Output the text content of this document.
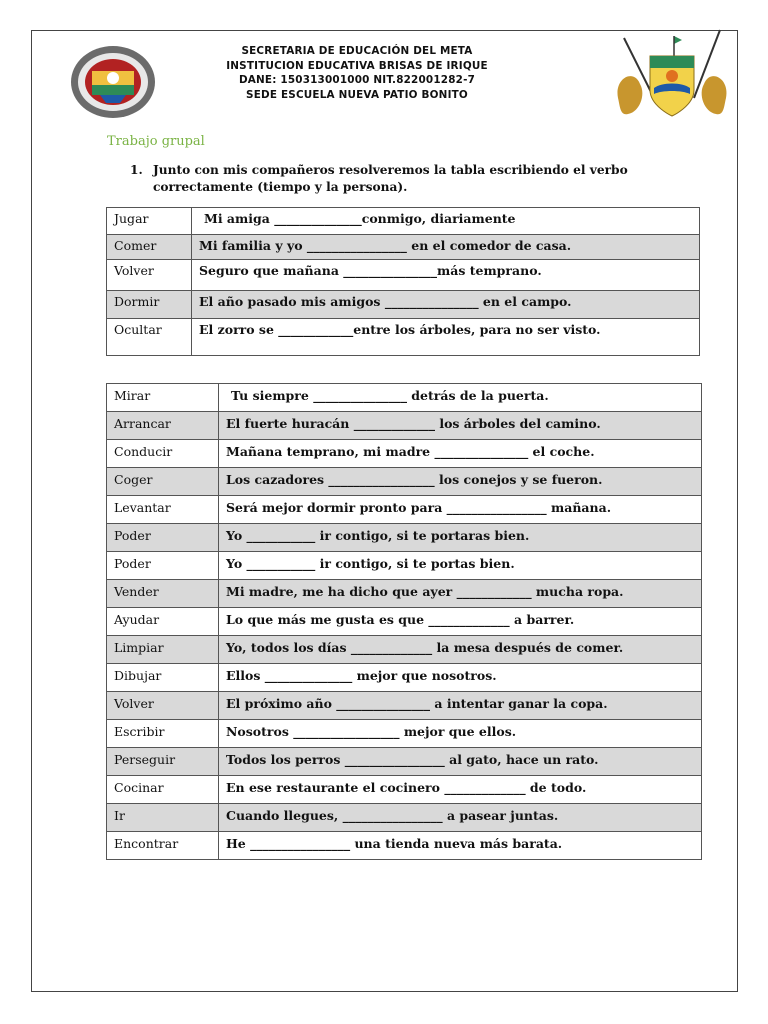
SECRETARIA DE EDUCACIÓN DEL META
INSTITUCION EDUCATIVA BRISAS DE IRIQUE
DANE: 150313001000 NIT.822001282-7
SEDE ESCUELA NUEVA PATIO BONITO
Trabajo grupal
1. Junto con mis compañeros resolveremos la tabla escribiendo el verbo correctamente (tiempo y la persona).
Jugar	Mi amiga ______________conmigo, diariamente
Comer	Mi familia y yo ________________ en el comedor de casa.
Volver	Seguro que mañana _______________más temprano.
Dormir	El año pasado mis amigos _______________ en el campo.
Ocultar	El zorro se ____________entre los árboles, para no ser visto.
Mirar	Tu siempre _______________ detrás de la puerta.
Arrancar	El fuerte huracán _____________ los árboles del camino.
Conducir	Mañana temprano, mi madre _______________ el coche.
Coger	Los cazadores _________________ los conejos y se fueron.
Levantar	Será mejor dormir pronto para ________________ mañana.
Poder	Yo ___________ ir contigo, si te portaras bien.
Poder	Yo ___________ ir contigo, si te portas bien.
Vender	Mi madre, me ha dicho que ayer ____________ mucha ropa.
Ayudar	Lo que más me gusta es que _____________ a barrer.
Limpiar	Yo, todos los días _____________ la mesa después de comer.
Dibujar	Ellos ______________ mejor que nosotros.
Volver	El próximo año _______________ a intentar ganar la copa.
Escribir	Nosotros _________________ mejor que ellos.
Perseguir	Todos los perros ________________ al gato, hace un rato.
Cocinar	En ese restaurante el cocinero _____________ de todo.
Ir	Cuando llegues, ________________ a pasear juntas.
Encontrar	He ________________ una tienda nueva más barata.
